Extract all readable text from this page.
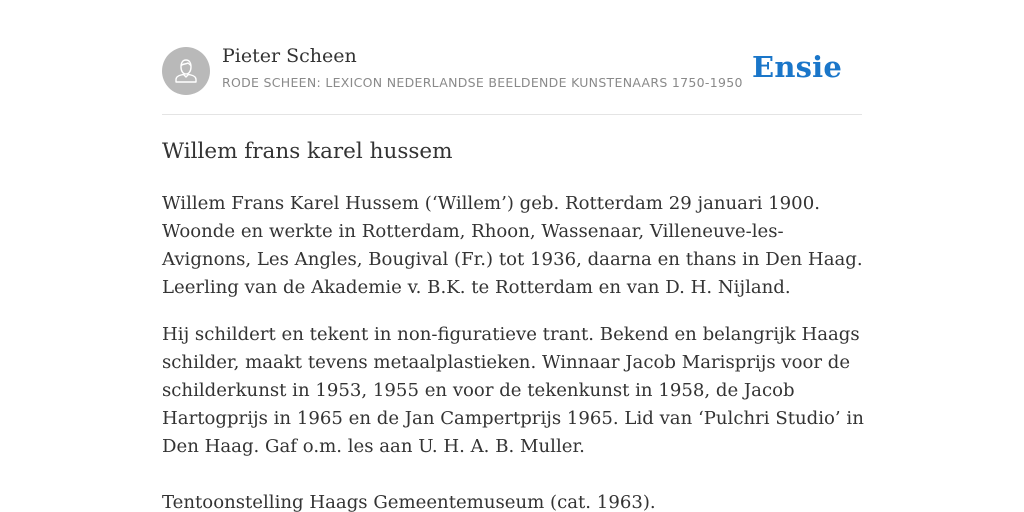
Pieter Scheen
RODE SCHEEN: LEXICON NEDERLANDSE BEELDENDE KUNSTENAARS 1750-1950 Ensie
Willem frans karel hussem

Willem Frans Karel Hussem (‘Willem’) geb. Rotterdam 29 januari 1900. Woonde en werkte in Rotterdam, Rhoon, Wassenaar, Villeneuve-les-Avignons, Les Angles, Bougival (Fr.) tot 1936, daarna en thans in Den Haag. Leerling van de Akademie v. B.K. te Rotterdam en van D. H. Nijland.

Hij schildert en tekent in non-figuratieve trant. Bekend en belangrijk Haags schilder, maakt tevens metaalplastieken. Winnaar Jacob Marisprijs voor de schilderkunst in 1953, 1955 en voor de tekenkunst in 1958, de Jacob Hartogprijs in 1965 en de Jan Campertprijs 1965. Lid van ‘Pulchri Studio’ in Den Haag. Gaf o.m. les aan U. H. A. B. Muller.

Tentoonstelling Haags Gemeentemuseum (cat. 1963).
